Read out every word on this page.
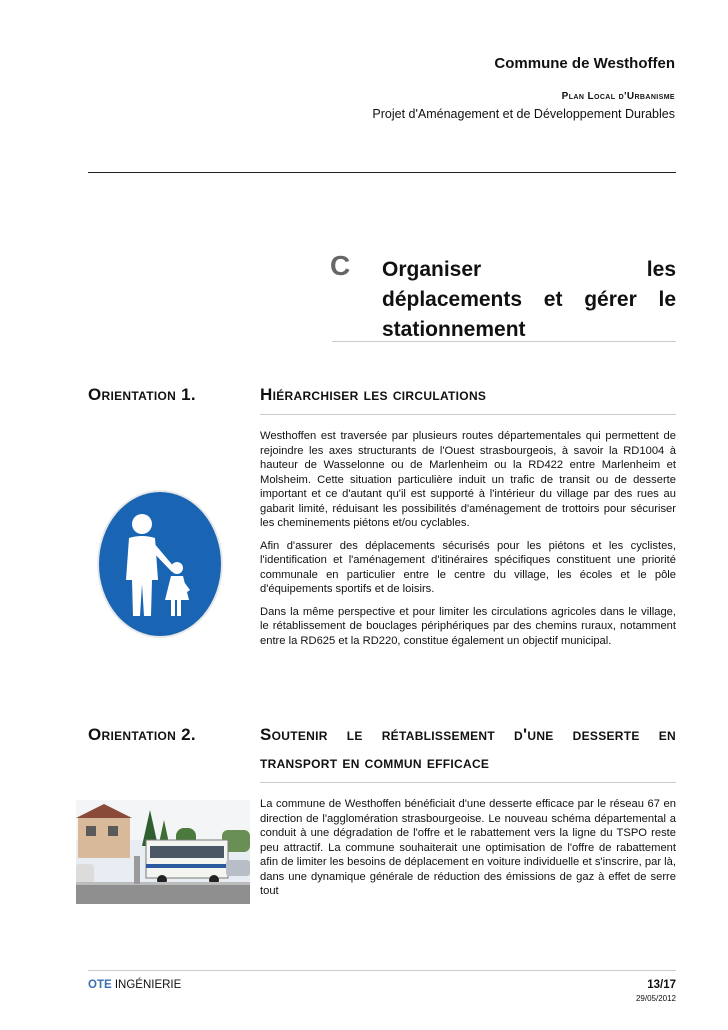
Commune de Westhoffen
Plan Local d'Urbanisme
Projet d'Aménagement et de Développement Durables
C Organiser les
déplacements et gérer le
stationnement
Orientation 1.	Hiérarchiser les circulations

Westhoffen est traversée par plusieurs routes départementales qui permettent de rejoindre les axes structurants de l'Ouest strasbourgeois, à savoir la RD1004 à hauteur de Wasselonne ou de Marlenheim ou la RD422 entre Marlenheim et Molsheim. Cette situation particulière induit un trafic de transit ou de desserte important et ce d'autant qu'il est supporté à l'intérieur du village par des rues au gabarit limité, réduisant les possibilités d'aménagement de trottoirs pour sécuriser les cheminements piétons et/ou cyclables.

Afin d'assurer des déplacements sécurisés pour les piétons et les cyclistes, l'identification et l'aménagement d'itinéraires spécifiques constituent une priorité communale en particulier entre le centre du village, les écoles et le pôle d'équipements sportifs et de loisirs.

Dans la même perspective et pour limiter les circulations agricoles dans le village, le rétablissement de bouclages périphériques par des chemins ruraux, notamment entre la RD625 et la RD220, constitue également un objectif municipal.

Orientation 2.	Soutenir le rétablissement d'une desserte en
transport en commun efficace

La commune de Westhoffen bénéficiait d'une desserte efficace par le réseau 67 en direction de l'agglomération strasbourgeoise. Le nouveau schéma départemental a conduit à une dégradation de l'offre et le rabattement vers la ligne du TSPO reste peu attractif. La commune souhaiterait une optimisation de l'offre de rabattement afin de limiter les besoins de déplacement en voiture individuelle et s'inscrire, par là, dans une dynamique générale de réduction des émissions de gaz à effet de serre tout

OTE INGÉNIERIE	13/17
29/05/2012
